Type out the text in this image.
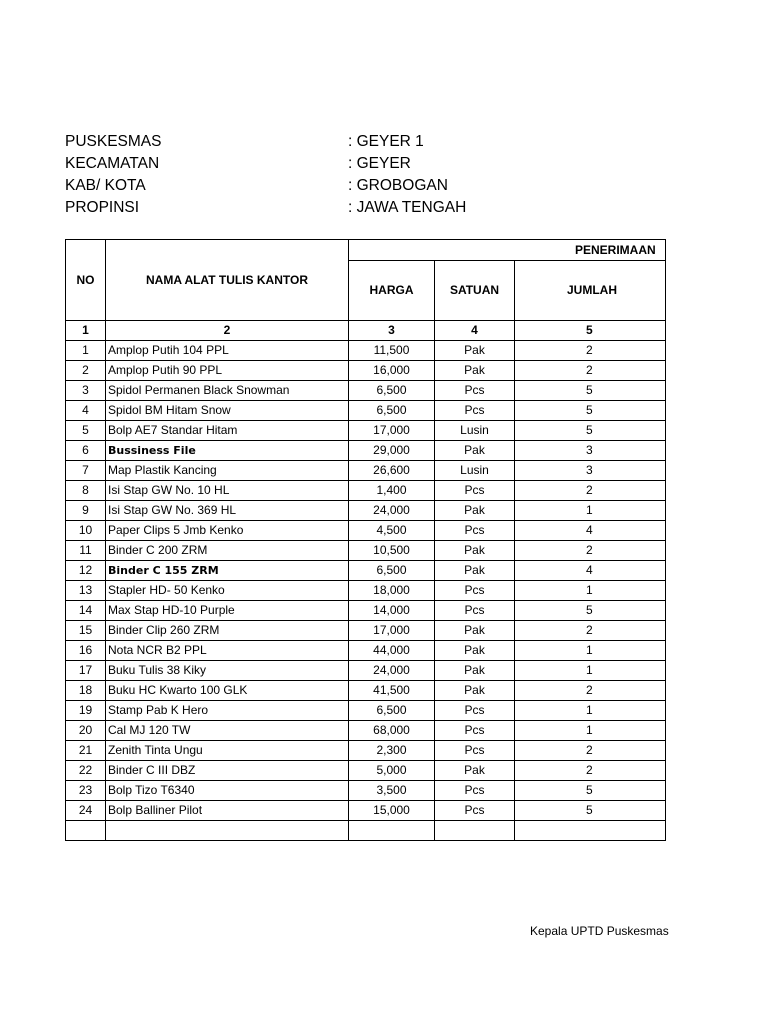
PUSKESMAS	: GEYER 1
KECAMATAN	: GEYER
KAB/ KOTA	: GROBOGAN
PROPINSI	: JAWA TENGAH
NO	NAMA ALAT TULIS KANTOR	PENERIMAAN		
		HARGA	SATUAN	JUMLAH
1	2	3	4	5
1	Amplop Putih 104 PPL	11,500	Pak	2
2	Amplop Putih 90 PPL	16,000	Pak	2
3	Spidol Permanen Black Snowman	6,500	Pcs	5
4	Spidol BM Hitam Snow	6,500	Pcs	5
5	Bolp AE7 Standar Hitam	17,000	Lusin	5
6	Bussiness File	29,000	Pak	3
7	Map Plastik Kancing	26,600	Lusin	3
8	Isi Stap GW No. 10 HL	1,400	Pcs	2
9	Isi Stap GW No. 369 HL	24,000	Pak	1
10	Paper Clips 5 Jmb Kenko	4,500	Pcs	4
11	Binder C 200 ZRM	10,500	Pak	2
12	Binder C 155 ZRM	6,500	Pak	4
13	Stapler HD- 50 Kenko	18,000	Pcs	1
14	Max Stap HD-10 Purple	14,000	Pcs	5
15	Binder Clip 260 ZRM	17,000	Pak	2
16	Nota NCR B2 PPL	44,000	Pak	1
17	Buku Tulis 38 Kiky	24,000	Pak	1
18	Buku HC Kwarto 100 GLK	41,500	Pak	2
19	Stamp Pab K Hero	6,500	Pcs	1
20	Cal MJ 120 TW	68,000	Pcs	1
21	Zenith Tinta Ungu	2,300	Pcs	2
22	Binder C III DBZ	5,000	Pak	2
23	Bolp Tizo T6340	3,500	Pcs	5
24	Bolp Balliner Pilot	15,000	Pcs	5

Kepala UPTD Puskesmas
